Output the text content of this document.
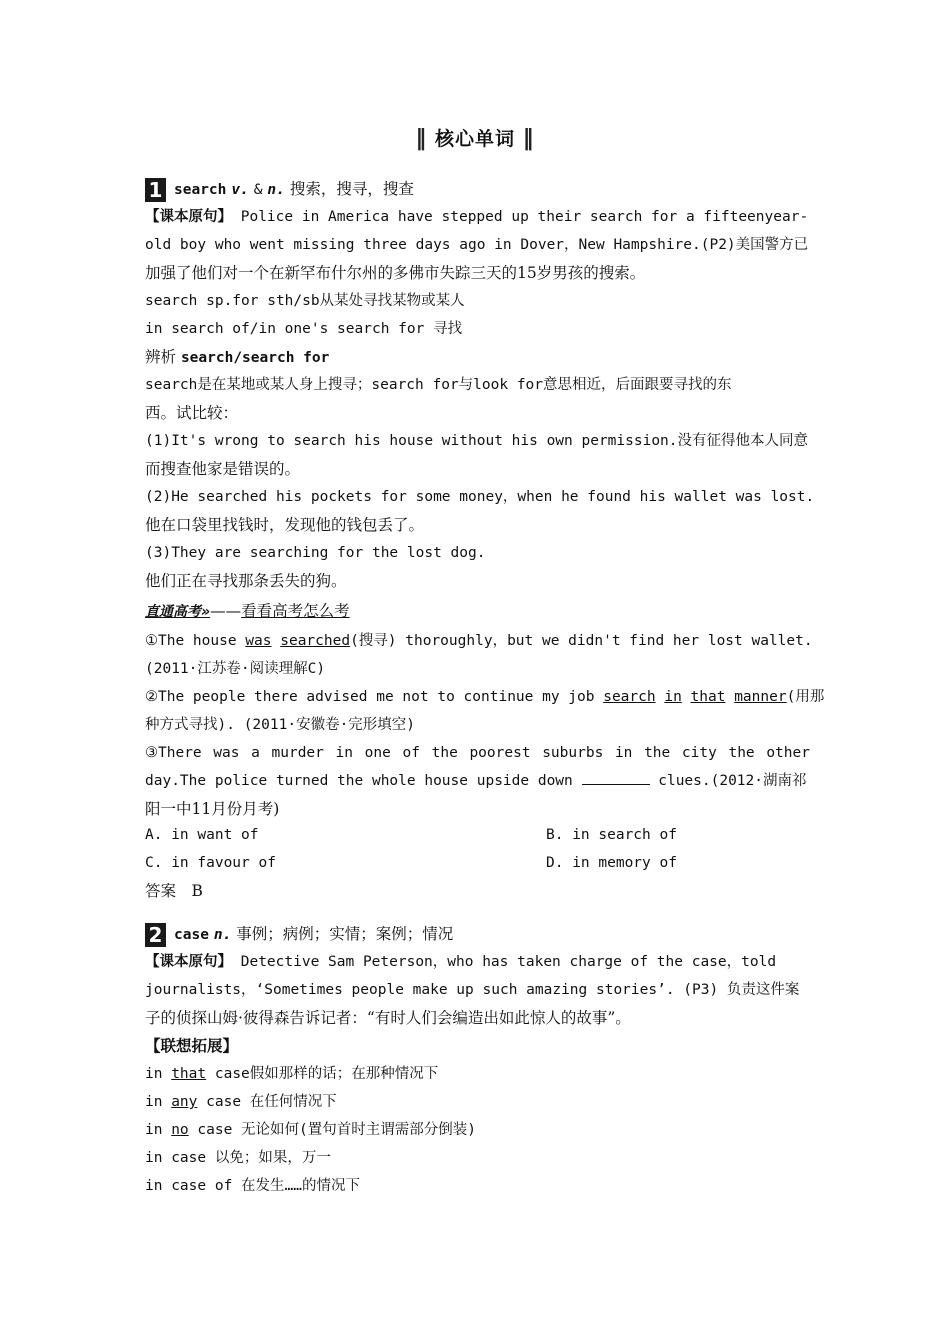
‖ 核心单词 ‖
1 search v. & n. 搜索，搜寻，搜查
【课本原句】 Police in America have stepped up their search for a fifteenyear-
old boy who went missing three days ago in Dover，New Hampshire.(P2)美国警方已
加强了他们对一个在新罕布什尔州的多佛市失踪三天的15岁男孩的搜索。
search sp.for sth/sb从某处寻找某物或某人
in search of/in one's search for 寻找
辨析 search/search for
search是在某地或某人身上搜寻；search for与look for意思相近，后面跟要寻找的东
西。试比较：
(1)It's wrong to search his house without his own permission.没有征得他本人同意
而搜查他家是错误的。
(2)He searched his pockets for some money，when he found his wallet was lost.
他在口袋里找钱时，发现他的钱包丢了。
(3)They are searching for the lost dog.
他们正在寻找那条丢失的狗。
直通高考»——看看高考怎么考
①The house was searched(搜寻) thoroughly，but we didn't find her lost wallet.
(2011·江苏卷·阅读理解C)
②The people there advised me not to continue my job search in that manner(用那
种方式寻找). (2011·安徽卷·完形填空)
③There was a murder in one of the poorest suburbs in the city the other
day.The police turned the whole house upside down	clues.(2012·湖南祁
阳一中11月份月考)
A. in want of	B. in search of
C. in favour of	D. in memory of
答案　B
2 case n. 事例；病例；实情；案例；情况
【课本原句】 Detective Sam Peterson，who has taken charge of the case，told
journalists，‘Sometimes people make up such amazing stories’. (P3) 负责这件案
子的侦探山姆·彼得森告诉记者：“有时人们会编造出如此惊人的故事”。
【联想拓展】
in that case假如那样的话；在那种情况下
in any case 在任何情况下
in no case 无论如何(置句首时主谓需部分倒装)
in case 以免；如果，万一
in case of 在发生……的情况下
